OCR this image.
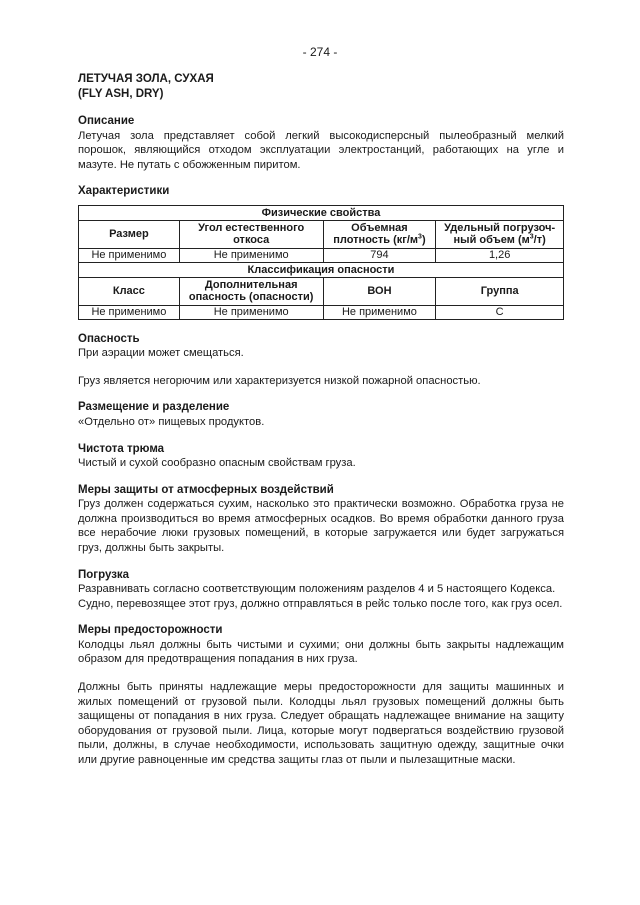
- 274 -
ЛЕТУЧАЯ ЗОЛА, СУХАЯ
(FLY ASH, DRY)
Описание

Летучая зола представляет собой легкий высокодисперсный пылеобразный мелкий порошок, являющийся отходом эксплуатации электростанций, работающих на угле и мазуте. Не путать с обожженным пиритом.

Характеристики
Физические свойства			
Размер	Угол естественного откоса	Объемная плотность $(кг/м^3)$	Удельный погрузоч-ный объем $(м^3/т)$
Не применимо	Не применимо	794	1,26
Классификация опасности			
Класс	Дополнительная опасность (опасности)	ВОН	Группа
Не применимо	Не применимо	Не применимо	C
Опасность

При аэрации может смещаться.

Груз является негорючим или характеризуется низкой пожарной опасностью.

Размещение и разделение

«Отдельно от» пищевых продуктов.

Чистота трюма

Чистый и сухой сообразно опасным свойствам груза.

Меры защиты от атмосферных воздействий

Груз должен содержаться сухим, насколько это практически возможно. Обработка груза не должна производиться во время атмосферных осадков. Во время обработки данного груза все нерабочие люки грузовых помещений, в которые загружается или будет загружаться груз, должны быть закрыты.

Погрузка

Разравнивать согласно соответствующим положениям разделов 4 и 5 настоящего Кодекса.

Судно, перевозящее этот груз, должно отправляться в рейс только после того, как груз осел.

Меры предосторожности

Колодцы льял должны быть чистыми и сухими; они должны быть закрыты надлежащим образом для предотвращения попадания в них груза.

Должны быть приняты надлежащие меры предосторожности для защиты машинных и жилых помещений от грузовой пыли. Колодцы льял грузовых помещений должны быть защищены от попадания в них груза. Следует обращать надлежащее внимание на защиту оборудования от грузовой пыли. Лица, которые могут подвергаться воздействию грузовой пыли, должны, в случае необходимости, использовать защитную одежду, защитные очки или другие равноценные им средства защиты глаз от пыли и пылезащитные маски.
